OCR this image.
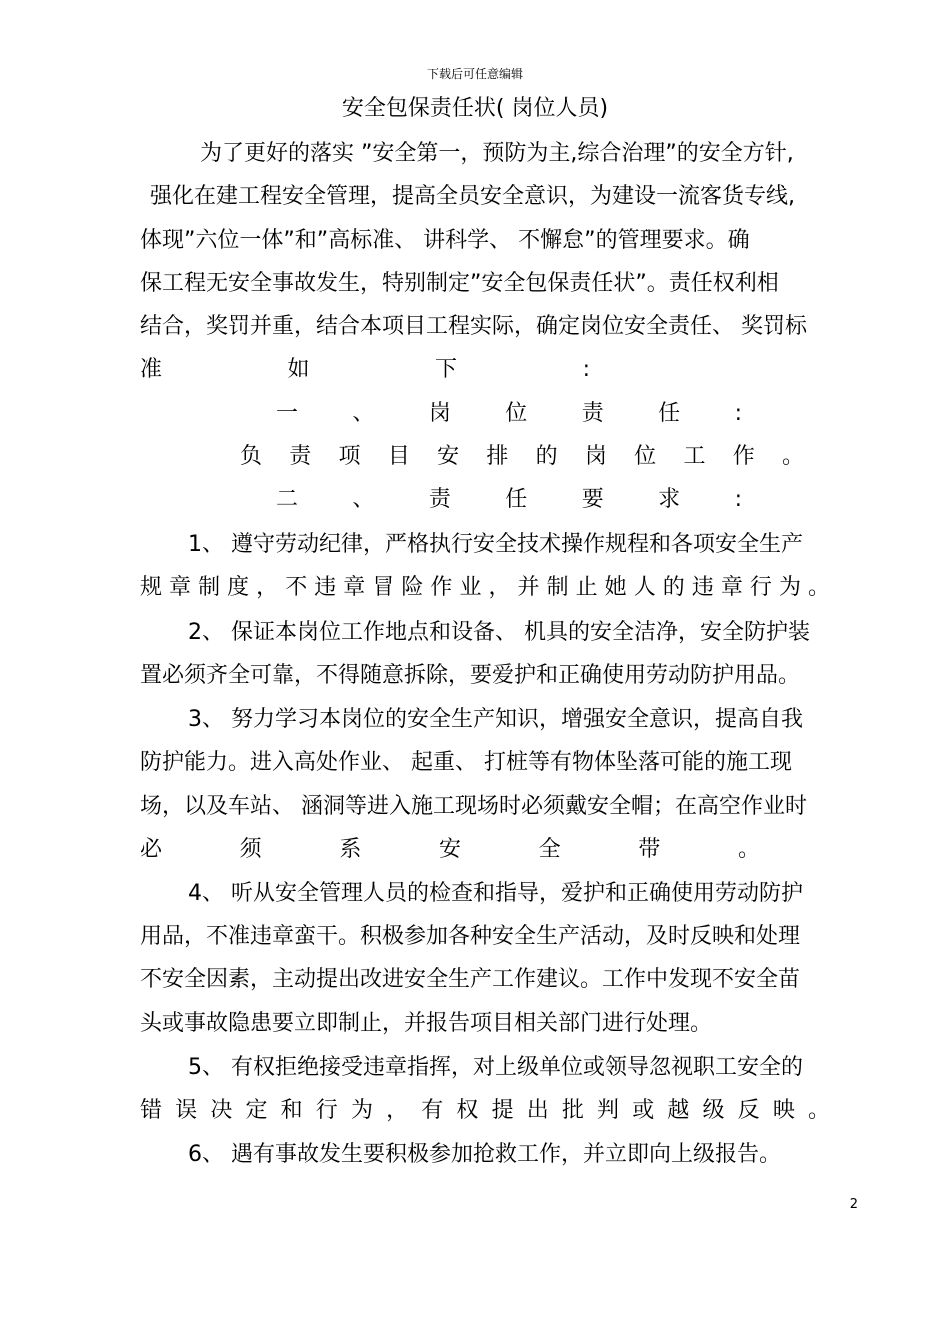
下载后可任意编辑
安全包保责任状( 岗位人员)
为了更好的落实 ”安全第一，预防为主,综合治理”的安全方针,
强化在建工程安全管理，提高全员安全意识，为建设一流客货专线,
体现”六位一体”和”高标准、 讲科学、 不懈怠”的管理要求。确
保工程无安全事故发生，特别制定”安全包保责任状”。责任权利相
结合，奖罚并重，结合本项目工程实际，确定岗位安全责任、 奖罚标
准如下:
一、岗位责任:
负责项目安排的岗位工作。
二、责任要求:
1、 遵守劳动纪律，严格执行安全技术操作规程和各项安全生产
规章制度，不违章冒险作业，并制止她人的违章行为。
2、 保证本岗位工作地点和设备、 机具的安全洁净，安全防护装
置必须齐全可靠，不得随意拆除，要爱护和正确使用劳动防护用品。
3、 努力学习本岗位的安全生产知识，增强安全意识，提高自我
防护能力。进入高处作业、 起重、 打桩等有物体坠落可能的施工现
场，以及车站、 涵洞等进入施工现场时必须戴安全帽；在高空作业时
必须系安全带。
4、 听从安全管理人员的检查和指导，爱护和正确使用劳动防护
用品，不准违章蛮干。积极参加各种安全生产活动，及时反映和处理
不安全因素，主动提出改进安全生产工作建议。工作中发现不安全苗
头或事故隐患要立即制止，并报告项目相关部门进行处理。
5、 有权拒绝接受违章指挥，对上级单位或领导忽视职工安全的
错误决定和行为，有权提出批判或越级反映。
6、 遇有事故发生要积极参加抢救工作，并立即向上级报告。
2
